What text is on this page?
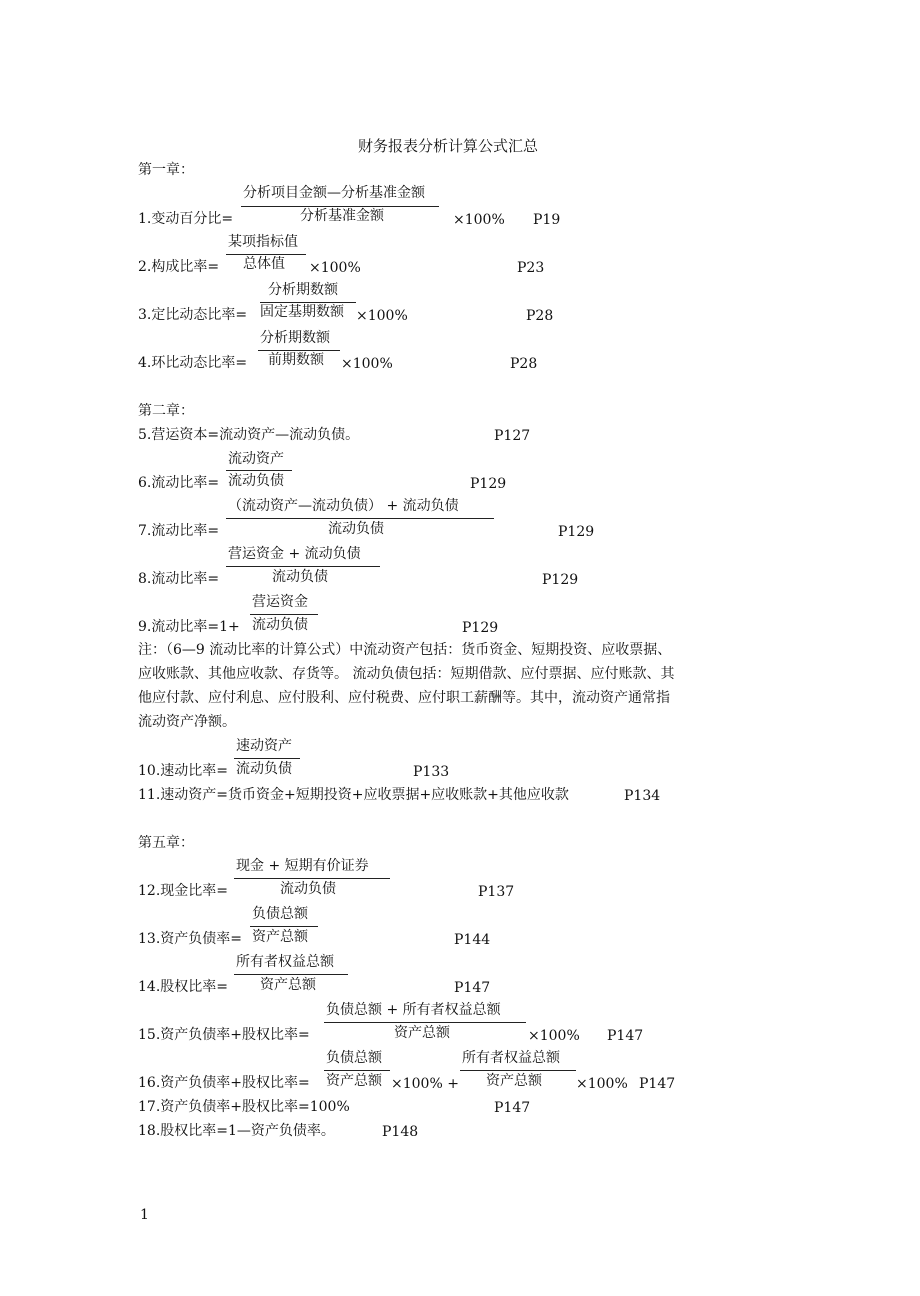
财务报表分析计算公式汇总
第一章：
分析项目金额—分析基准金额
1.变动百分比=	分析基准金额	×100% P19
某项指标值
2.构成比率= 总体值 ×100%	P23
分析期数额
3.定比动态比率= 固定基期数额 ×100%	P28
分析期数额
4.环比动态比率= 前期数额 ×100%	P28
第二章：
5.营运资本=流动资产—流动负债。	P127
流动资产
6.流动比率= 流动负债	P129
（流动资产—流动负债） + 流动负债
7.流动比率=	流动负债	P129
营运资金 + 流动负债
8.流动比率=	流动负债	P129
营运资金
9.流动比率=1+ 流动负债	P129
注：（6—9 流动比率的计算公式）中流动资产包括：货币资金、短期投资、应收票据、
应收账款、其他应收款、存货等。 流动负债包括：短期借款、应付票据、应付账款、其
他应付款、应付利息、应付股利、应付税费、应付职工薪酬等。其中，流动资产通常指
流动资产净额。
速动资产
10.速动比率= 流动负债	P133
11.速动资产=货币资金+短期投资+应收票据+应收账款+其他应收款	P134
第五章：
现金 + 短期有价证券
12.现金比率=	流动负债	P137
负债总额
13.资产负债率= 资产总额	P144
所有者权益总额
14.股权比率= 资产总额	P147
负债总额 + 所有者权益总额
15.资产负债率+股权比率=	资产总额	×100% P147
负债总额	所有者权益总额
16.资产负债率+股权比率= 资产总额 ×100% + 资产总额 ×100% P147
17.资产负债率+股权比率=100%	P147
18.股权比率=1—资产负债率。	P148
1
